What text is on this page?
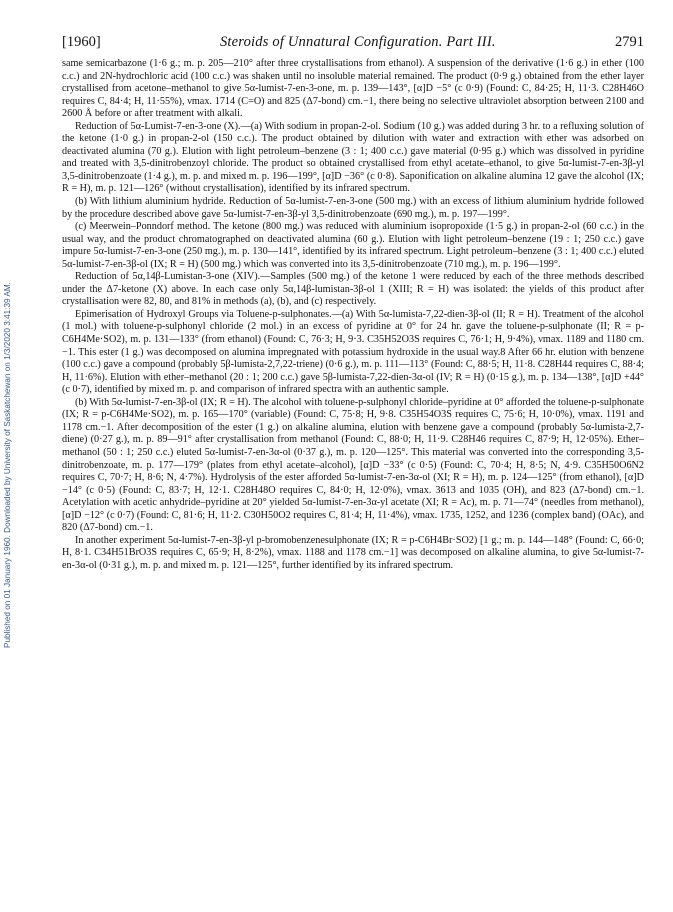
Published on 01 January 1960. Downloaded by University of Saskatchewan on 1/3/2020 3:41:39 AM.
[1960]	Steroids of Unnatural Configuration. Part III.	2791

same semicarbazone (1·6 g.; m. p. 205—210° after three crystallisations from ethanol). A suspension of the derivative (1·6 g.) in ether (100 c.c.) and 2N-hydrochloric acid (100 c.c.) was shaken until no insoluble material remained. The product (0·9 g.) obtained from the ether layer crystallised from acetone–methanol to give 5α-lumist-7-en-3-one, m. p. 139—143°, [α]D −5° (c 0·9) (Found: C, 84·25; H, 11·3. C28H46O requires C, 84·4; H, 11·55%), νmax. 1714 (C=O) and 825 (Δ7-bond) cm.−1, there being no selective ultraviolet absorption between 2100 and 2600 Å before or after treatment with alkali.

Reduction of 5α-Lumist-7-en-3-one (X).—(a) With sodium in propan-2-ol. Sodium (10 g.) was added during 3 hr. to a refluxing solution of the ketone (1·0 g.) in propan-2-ol (150 c.c.). The product obtained by dilution with water and extraction with ether was adsorbed on deactivated alumina (70 g.). Elution with light petroleum–benzene (3 : 1; 400 c.c.) gave material (0·95 g.) which was dissolved in pyridine and treated with 3,5-dinitrobenzoyl chloride. The product so obtained crystallised from ethyl acetate–ethanol, to give 5α-lumist-7-en-3β-yl 3,5-dinitrobenzoate (1·4 g.), m. p. and mixed m. p. 196—199°, [α]D −36° (c 0·8). Saponification on alkaline alumina 12 gave the alcohol (IX; R = H), m. p. 121—126° (without crystallisation), identified by its infrared spectrum.

(b) With lithium aluminium hydride. Reduction of 5α-lumist-7-en-3-one (500 mg.) with an excess of lithium aluminium hydride followed by the procedure described above gave 5α-lumist-7-en-3β-yl 3,5-dinitrobenzoate (690 mg.), m. p. 197—199°.

(c) Meerwein–Ponndorf method. The ketone (800 mg.) was reduced with aluminium isopropoxide (1·5 g.) in propan-2-ol (60 c.c.) in the usual way, and the product chromatographed on deactivated alumina (60 g.). Elution with light petroleum–benzene (19 : 1; 250 c.c.) gave impure 5α-lumist-7-en-3-one (250 mg.), m. p. 130—141°, identified by its infrared spectrum. Light petroleum–benzene (3 : 1; 400 c.c.) eluted 5α-lumist-7-en-3β-ol (IX; R = H) (500 mg.) which was converted into its 3,5-dinitrobenzoate (710 mg.), m. p. 196—199°.

Reduction of 5α,14β-Lumistan-3-one (XIV).—Samples (500 mg.) of the ketone 1 were reduced by each of the three methods described under the Δ7-ketone (X) above. In each case only 5α,14β-lumistan-3β-ol 1 (XIII; R = H) was isolated: the yields of this product after crystallisation were 82, 80, and 81% in methods (a), (b), and (c) respectively.

Epimerisation of Hydroxyl Groups via Toluene-p-sulphonates.—(a) With 5α-lumista-7,22-dien-3β-ol (II; R = H). Treatment of the alcohol (1 mol.) with toluene-p-sulphonyl chloride (2 mol.) in an excess of pyridine at 0° for 24 hr. gave the toluene-p-sulphonate (II; R = p-C6H4Me·SO2), m. p. 131—133° (from ethanol) (Found: C, 76·3; H, 9·3. C35H52O3S requires C, 76·1; H, 9·4%), νmax. 1189 and 1180 cm.−1. This ester (1 g.) was decomposed on alumina impregnated with potassium hydroxide in the usual way.8 After 66 hr. elution with benzene (100 c.c.) gave a compound (probably 5β-lumista-2,7,22-triene) (0·6 g.), m. p. 111—113° (Found: C, 88·5; H, 11·8. C28H44 requires C, 88·4; H, 11·6%). Elution with ether–methanol (20 : 1; 200 c.c.) gave 5β-lumista-7,22-dien-3α-ol (IV; R = H) (0·15 g.), m. p. 134—138°, [α]D +44° (c 0·7), identified by mixed m. p. and comparison of infrared spectra with an authentic sample.

(b) With 5α-lumist-7-en-3β-ol (IX; R = H). The alcohol with toluene-p-sulphonyl chloride–pyridine at 0° afforded the toluene-p-sulphonate (IX; R = p-C6H4Me·SO2), m. p. 165—170° (variable) (Found: C, 75·8; H, 9·8. C35H54O3S requires C, 75·6; H, 10·0%), νmax. 1191 and 1178 cm.−1. After decomposition of the ester (1 g.) on alkaline alumina, elution with benzene gave a compound (probably 5α-lumista-2,7-diene) (0·27 g.), m. p. 89—91° after crystallisation from methanol (Found: C, 88·0; H, 11·9. C28H46 requires C, 87·9; H, 12·05%). Ether–methanol (50 : 1; 250 c.c.) eluted 5α-lumist-7-en-3α-ol (0·37 g.), m. p. 120—125°. This material was converted into the corresponding 3,5-dinitrobenzoate, m. p. 177—179° (plates from ethyl acetate–alcohol), [α]D −33° (c 0·5) (Found: C, 70·4; H, 8·5; N, 4·9. C35H50O6N2 requires C, 70·7; H, 8·6; N, 4·7%). Hydrolysis of the ester afforded 5α-lumist-7-en-3α-ol (XI; R = H), m. p. 124—125° (from ethanol), [α]D −14° (c 0·5) (Found: C, 83·7; H, 12·1. C28H48O requires C, 84·0; H, 12·0%), νmax. 3613 and 1035 (OH), and 823 (Δ7-bond) cm.−1. Acetylation with acetic anhydride–pyridine at 20° yielded 5α-lumist-7-en-3α-yl acetate (XI; R = Ac), m. p. 71—74° (needles from methanol), [α]D −12° (c 0·7) (Found: C, 81·6; H, 11·2. C30H50O2 requires C, 81·4; H, 11·4%), νmax. 1735, 1252, and 1236 (complex band) (OAc), and 820 (Δ7-bond) cm.−1.

In another experiment 5α-lumist-7-en-3β-yl p-bromobenzenesulphonate (IX; R = p-C6H4Br·SO2) [1 g.; m. p. 144—148° (Found: C, 66·0; H, 8·1. C34H51BrO3S requires C, 65·9; H, 8·2%), νmax. 1188 and 1178 cm.−1] was decomposed on alkaline alumina, to give 5α-lumist-7-en-3α-ol (0·31 g.), m. p. and mixed m. p. 121—125°, further identified by its infrared spectrum.
